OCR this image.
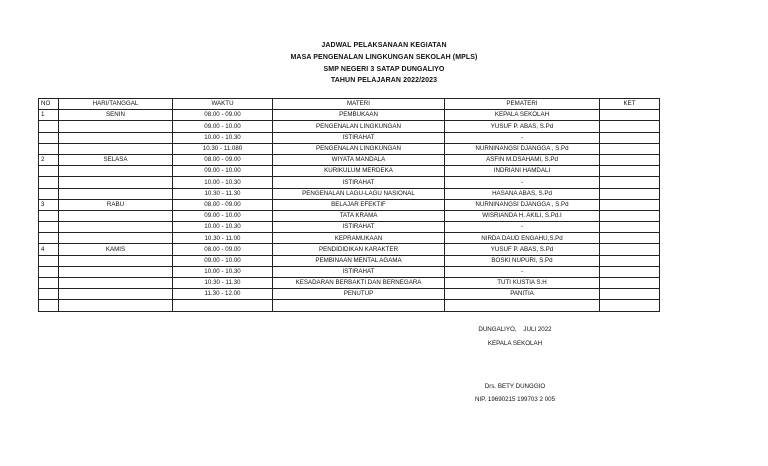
JADWAL PELAKSANAAN KEGIATAN
MASA PENGENALAN LINGKUNGAN SEKOLAH (MPLS)
SMP NEGERI 3 SATAP DUNGALIYO
TAHUN PELAJARAN 2022/2023
NO	HARI/TANGGAL	WAKTU	MATERI	PEMATERI	KET
1	SENIN	08.00 - 09.00	PEMBUKAAN	KEPALA SEKOLAH	
		09.00 - 10.00	PENGENALAN LINGKUNGAN	YUSUF P. ABAS, S.Pd	
		10.00 - 10.30	ISTIRAHAT	-	
		10.30 - 11.080	PENGENALAN LINGKUNGAN	NURNINANGSI DJANGGA , S.Pd	
2	SELASA	08.00 - 09.00	WIYATA MANDALA	ASFIN M.DSAHAMI, S.Pd	
		09.00 - 10.00	KURIKULUM MERDEKA	INDRIANI HAMDALI	
		10.00 - 10.30	ISTIRAHAT	-	
		10.30 - 11.30	PENGENALAN LAGU-LAGU NASIONAL	HASANA ABAS, S.Pd	
3	RABU	08.00 - 09.00	BELAJAR EFEKTIF	NURNINANGSI DJANGGA , S.Pd	
		09.00 - 10.00	TATA KRAMA	WISRIANDA H. AKILI, S.Pd.I	
		10.00 - 10.30	ISTIRAHAT	-	
		10.30 - 11.00	KEPRAMUKAAN	NIRDA DAUD ENGAHU,S.Pd	
4	KAMIS	08.00 - 09.00	PENDIDIDIKAN KARAKTER	YUSUF P. ABAS, S.Pd	
		09.00 - 10.00	PEMBINAAN MENTAL AGAMA	BOSKI NUPURI, S.Pd	
		10.00 - 10.30	ISTIRAHAT	-	
		10.30 - 11.30	KESADARAN BERBAKTI DAN BERNEGARA	TUTI KUSTIA S.H	
		11.30 - 12.00	PENUTUP	PANITIA	

DUNGALIYO,    JULI 2022
KEPALA SEKOLAH
Drs. BETY DUNGGIO
NIP. 19690215 199703 2 005
